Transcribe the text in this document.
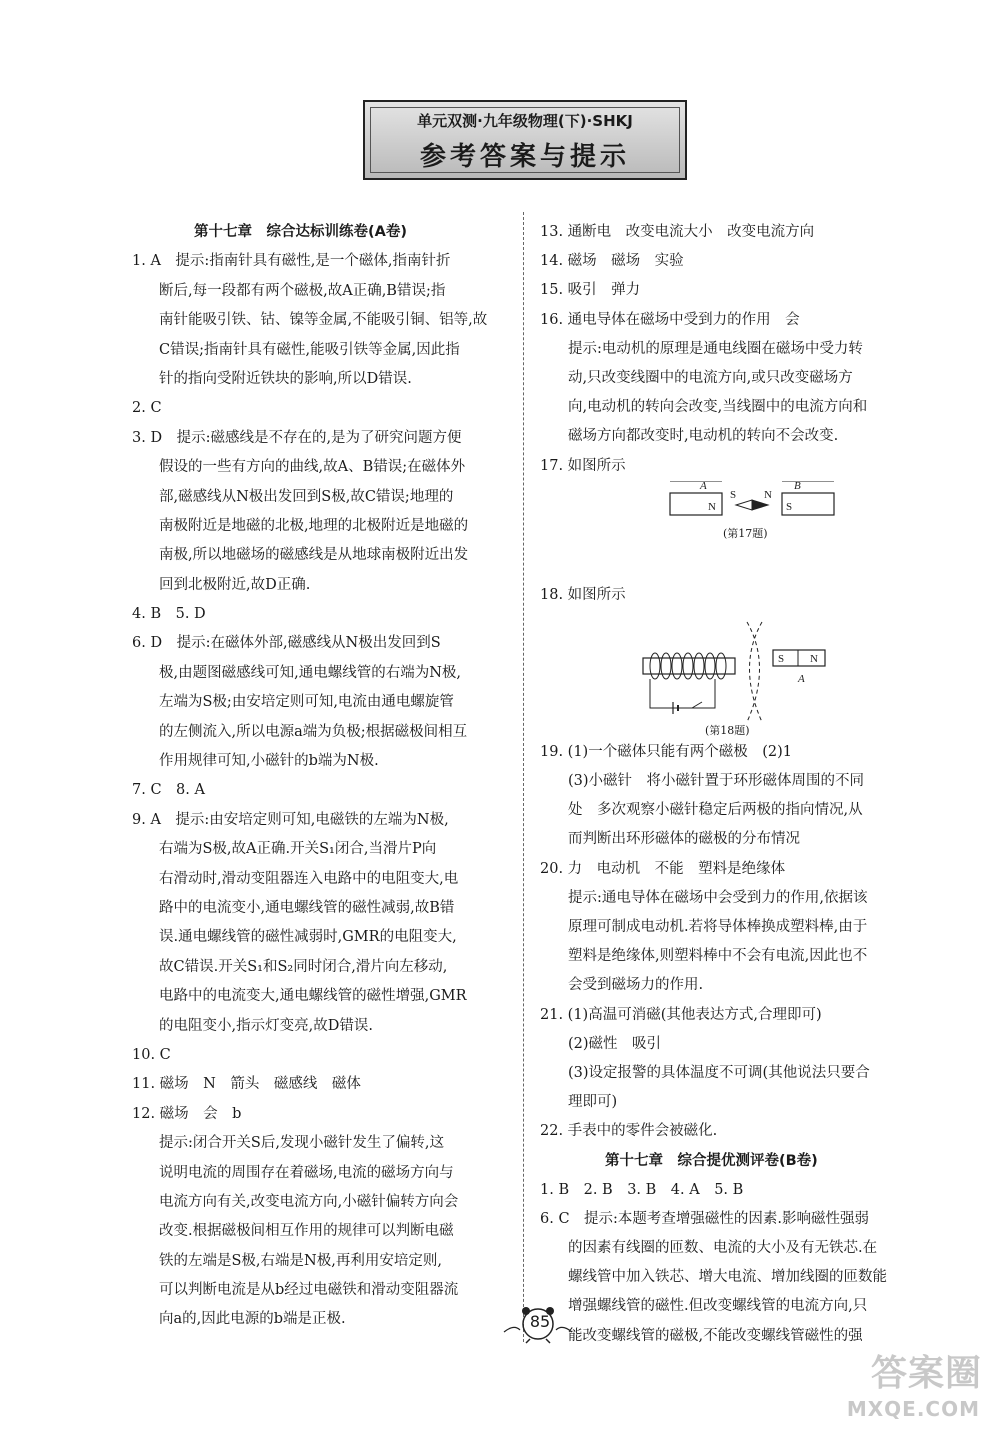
单元双测·九年级物理(下)·SHKJ
参考答案与提示
第十七章　综合达标训练卷(A卷)
1. A　提示:指南针具有磁性,是一个磁体,指南针折
断后,每一段都有两个磁极,故A正确,B错误;指
南针能吸引铁、钴、镍等金属,不能吸引铜、铝等,故
C错误;指南针具有磁性,能吸引铁等金属,因此指
针的指向受附近铁块的影响,所以D错误.
2. C
3. D　提示:磁感线是不存在的,是为了研究问题方便
假设的一些有方向的曲线,故A、B错误;在磁体外
部,磁感线从N极出发回到S极,故C错误;地理的
南极附近是地磁的北极,地理的北极附近是地磁的
南极,所以地磁场的磁感线是从地球南极附近出发
回到北极附近,故D正确.
4. B　5. D
6. D　提示:在磁体外部,磁感线从N极出发回到S
极,由题图磁感线可知,通电螺线管的右端为N极,
左端为S极;由安培定则可知,电流由通电螺旋管
的左侧流入,所以电源a端为负极;根据磁极间相互
作用规律可知,小磁针的b端为N极.
7. C　8. A
9. A　提示:由安培定则可知,电磁铁的左端为N极,
右端为S极,故A正确.开关S₁闭合,当滑片P向
右滑动时,滑动变阻器连入电路中的电阻变大,电
路中的电流变小,通电螺线管的磁性减弱,故B错
误.通电螺线管的磁性减弱时,GMR的电阻变大,
故C错误.开关S₁和S₂同时闭合,滑片向左移动,
电路中的电流变大,通电螺线管的磁性增强,GMR
的电阻变小,指示灯变亮,故D错误.
10. C
11. 磁场　N　箭头　磁感线　磁体
12. 磁场　会　b
提示:闭合开关S后,发现小磁针发生了偏转,这
说明电流的周围存在着磁场,电流的磁场方向与
电流方向有关,改变电流方向,小磁针偏转方向会
改变.根据磁极间相互作用的规律可以判断电磁
铁的左端是S极,右端是N极,再利用安培定则,
可以判断电流是从b经过电磁铁和滑动变阻器流
向a的,因此电源的b端是正极.
13. 通断电　改变电流大小　改变电流方向
14. 磁场　磁场　实验
15. 吸引　弹力
16. 通电导体在磁场中受到力的作用　会
提示:电动机的原理是通电线圈在磁场中受力转
动,只改变线圈中的电流方向,或只改变磁场方
向,电动机的转向会改变,当线圈中的电流方向和
磁场方向都改变时,电动机的转向不会改变.
17. 如图所示
A	B
N
S	N
S
(第17题)
18. 如图所示
S N
A
(第18题)
19. (1)一个磁体只能有两个磁极　(2)1
(3)小磁针　将小磁针置于环形磁体周围的不同
处　多次观察小磁针稳定后两极的指向情况,从
而判断出环形磁体的磁极的分布情况
20. 力　电动机　不能　塑料是绝缘体
提示:通电导体在磁场中会受到力的作用,依据该
原理可制成电动机.若将导体棒换成塑料棒,由于
塑料是绝缘体,则塑料棒中不会有电流,因此也不
会受到磁场力的作用.
21. (1)高温可消磁(其他表达方式,合理即可)
(2)磁性　吸引
(3)设定报警的具体温度不可调(其他说法只要合
理即可)
22. 手表中的零件会被磁化.
第十七章　综合提优测评卷(B卷)
1. B　2. B　3. B　4. A　5. B
6. C　提示:本题考查增强磁性的因素.影响磁性强弱
的因素有线圈的匝数、电流的大小及有无铁芯.在
螺线管中加入铁芯、增大电流、增加线圈的匝数能
增强螺线管的磁性.但改变螺线管的电流方向,只
能改变螺线管的磁极,不能改变螺线管磁性的强
85
答案圈
MXQE.COM
